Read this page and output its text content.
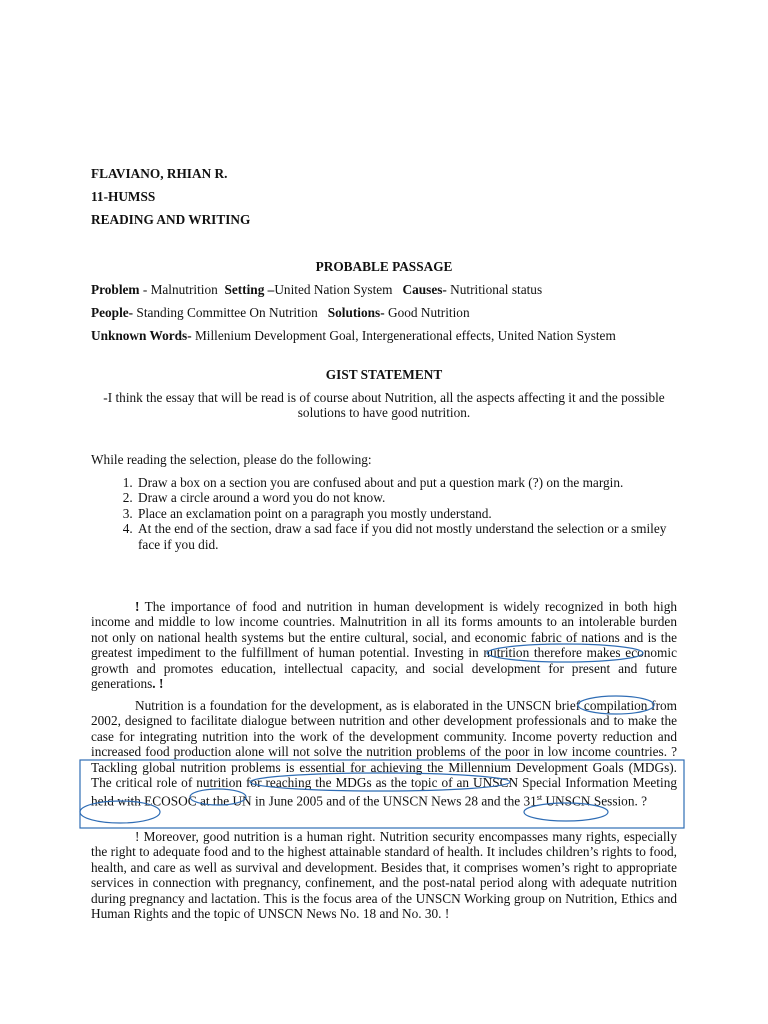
FLAVIANO, RHIAN R.
11-HUMSS
READING AND WRITING
PROBABLE PASSAGE
Problem - Malnutrition  Setting –United Nation System   Causes- Nutritional status
People- Standing Committee On Nutrition   Solutions- Good Nutrition
Unknown Words- Millenium Development Goal, Intergenerational effects, United Nation System
GIST STATEMENT
-I think the essay that will be read is of course about Nutrition, all the aspects affecting it and the possible solutions to have good nutrition.
While reading the selection, please do the following:
1. Draw a box on a section you are confused about and put a question mark (?) on the margin.
2. Draw a circle around a word you do not know.
3. Place an exclamation point on a paragraph you mostly understand.
4. At the end of the section, draw a sad face if you did not mostly understand the selection or a smiley face if you did.
! The importance of food and nutrition in human development is widely recognized in both high income and middle to low income countries. Malnutrition in all its forms amounts to an intolerable burden not only on national health systems but the entire cultural, social, and economic fabric of nations and is the greatest impediment to the fulfillment of human potential. Investing in nutrition therefore makes economic growth and promotes education, intellectual capacity, and social development for present and future generations. !
Nutrition is a foundation for the development, as is elaborated in the UNSCN brief compilation from 2002, designed to facilitate dialogue between nutrition and other development professionals and to make the case for integrating nutrition into the work of the development community. Income poverty reduction and increased food production alone will not solve the nutrition problems of the poor in low income countries. ? Tackling global nutrition problems is essential for achieving the Millennium Development Goals (MDGs). The critical role of nutrition for reaching the MDGs as the topic of an UNSCN Special Information Meeting held with ECOSOC at the UN in June 2005 and of the UNSCN News 28 and the 31st UNSCN Session. ?
! Moreover, good nutrition is a human right. Nutrition security encompasses many rights, especially the right to adequate food and to the highest attainable standard of health. It includes children’s rights to food, health, and care as well as survival and development. Besides that, it comprises women’s right to appropriate services in connection with pregnancy, confinement, and the post-natal period along with adequate nutrition during pregnancy and lactation. This is the focus area of the UNSCN Working group on Nutrition, Ethics and Human Rights and the topic of UNSCN News No. 18 and No. 30. !
